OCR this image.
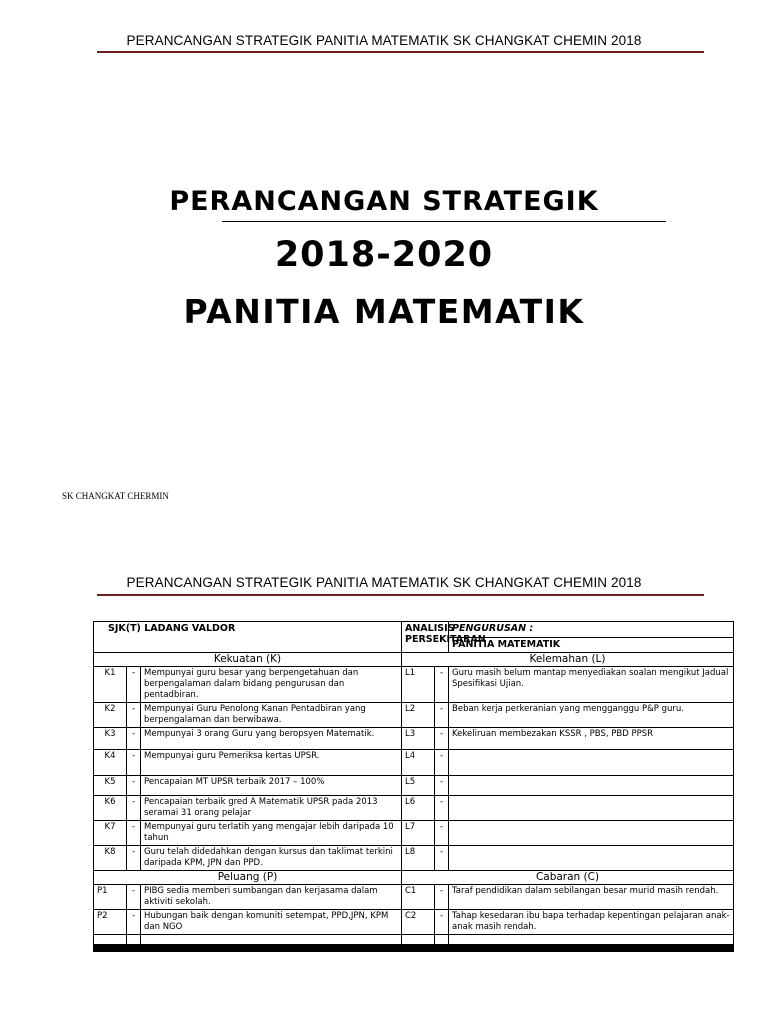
PERANCANGAN STRATEGIK PANITIA MATEMATIK SK CHANGKAT CHEMIN 2018
PERANCANGAN STRATEGIK
2018-2020
PANITIA MATEMATIK
SK CHANGKAT CHERMIN
PERANCANGAN STRATEGIK PANITIA MATEMATIK SK CHANGKAT CHEMIN 2018
SJK(T) LADANG VALDOR			ANALISIS PERSEKITARAN		PENGURUSAN :
					PANITIA MATEMATIK
Kekuatan (K)			Kelemahan (L)		
K1	-	Mempunyai guru besar yang berpengetahuan dan berpengalaman dalam bidang pengurusan dan pentadbiran.	L1	-	Guru masih belum mantap menyediakan soalan mengikut Jadual Spesifikasi Ujian.
K2	-	Mempunyai Guru Penolong Kanan Pentadbiran yang berpengalaman dan berwibawa.	L2	-	Beban kerja perkeranian yang mengganggu P&P guru.
K3	-	Mempunyai 3 orang Guru yang beropsyen Matematik.	L3	-	Kekeliruan membezakan KSSR , PBS, PBD PPSR
K4	-	Mempunyai guru Pemeriksa kertas UPSR.	L4	-	
K5	-	Pencapaian MT UPSR terbaik 2017 – 100%	L5	-	
K6	-	Pencapaian terbaik gred A Matematik UPSR pada 2013 seramai 31 orang pelajar	L6	-	
K7	-	Mempunyai guru terlatih yang mengajar lebih daripada 10 tahun	L7	-	
K8	-	Guru telah didedahkan dengan kursus dan taklimat terkini daripada KPM, JPN dan PPD.	L8	-	
Peluang (P)			Cabaran (C)		
P1	-	PIBG sedia memberi sumbangan dan kerjasama dalam aktiviti sekolah.	C1	-	Taraf pendidikan dalam sebilangan besar murid masih rendah.
P2	-	Hubungan baik dengan komuniti setempat, PPD,JPN, KPM dan NGO	C2	-	Tahap kesedaran ibu bapa terhadap kepentingan pelajaran anak-anak masih rendah.
